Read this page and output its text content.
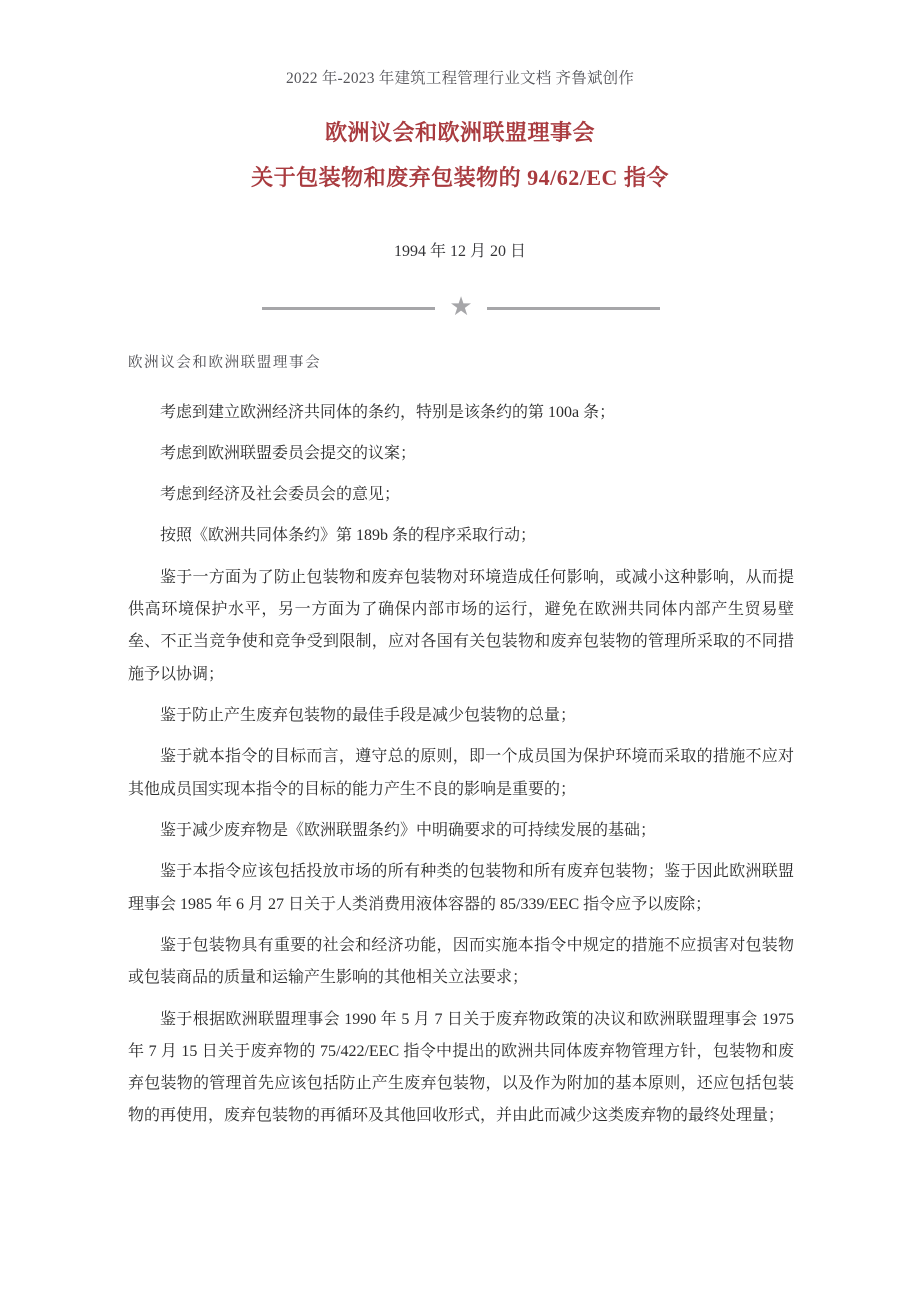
2022 年-2023 年建筑工程管理行业文档 齐鲁斌创作
欧洲议会和欧洲联盟理事会
关于包装物和废弃包装物的 94/62/EC 指令
1994 年 12 月 20 日
★

欧洲议会和欧洲联盟理事会

考虑到建立欧洲经济共同体的条约，特别是该条约的第 100a 条；

考虑到欧洲联盟委员会提交的议案；

考虑到经济及社会委员会的意见；

按照《欧洲共同体条约》第 189b 条的程序采取行动；

鉴于一方面为了防止包装物和废弃包装物对环境造成任何影响，或减小这种影响，从而提供高环境保护水平，另一方面为了确保内部市场的运行，避免在欧洲共同体内部产生贸易壁垒、不正当竞争使和竞争受到限制，应对各国有关包装物和废弃包装物的管理所采取的不同措施予以协调；

鉴于防止产生废弃包装物的最佳手段是减少包装物的总量；

鉴于就本指令的目标而言，遵守总的原则，即一个成员国为保护环境而采取的措施不应对其他成员国实现本指令的目标的能力产生不良的影响是重要的；

鉴于减少废弃物是《欧洲联盟条约》中明确要求的可持续发展的基础；

鉴于本指令应该包括投放市场的所有种类的包装物和所有废弃包装物；鉴于因此欧洲联盟理事会 1985 年 6 月 27 日关于人类消费用液体容器的 85/339/EEC 指令应予以废除；

鉴于包装物具有重要的社会和经济功能，因而实施本指令中规定的措施不应损害对包装物或包装商品的质量和运输产生影响的其他相关立法要求；

鉴于根据欧洲联盟理事会 1990 年 5 月 7 日关于废弃物政策的决议和欧洲联盟理事会 1975 年 7 月 15 日关于废弃物的 75/422/EEC 指令中提出的欧洲共同体废弃物管理方针，包装物和废弃包装物的管理首先应该包括防止产生废弃包装物，以及作为附加的基本原则，还应包括包装物的再使用，废弃包装物的再循环及其他回收形式，并由此而减少这类废弃物的最终处理量；
